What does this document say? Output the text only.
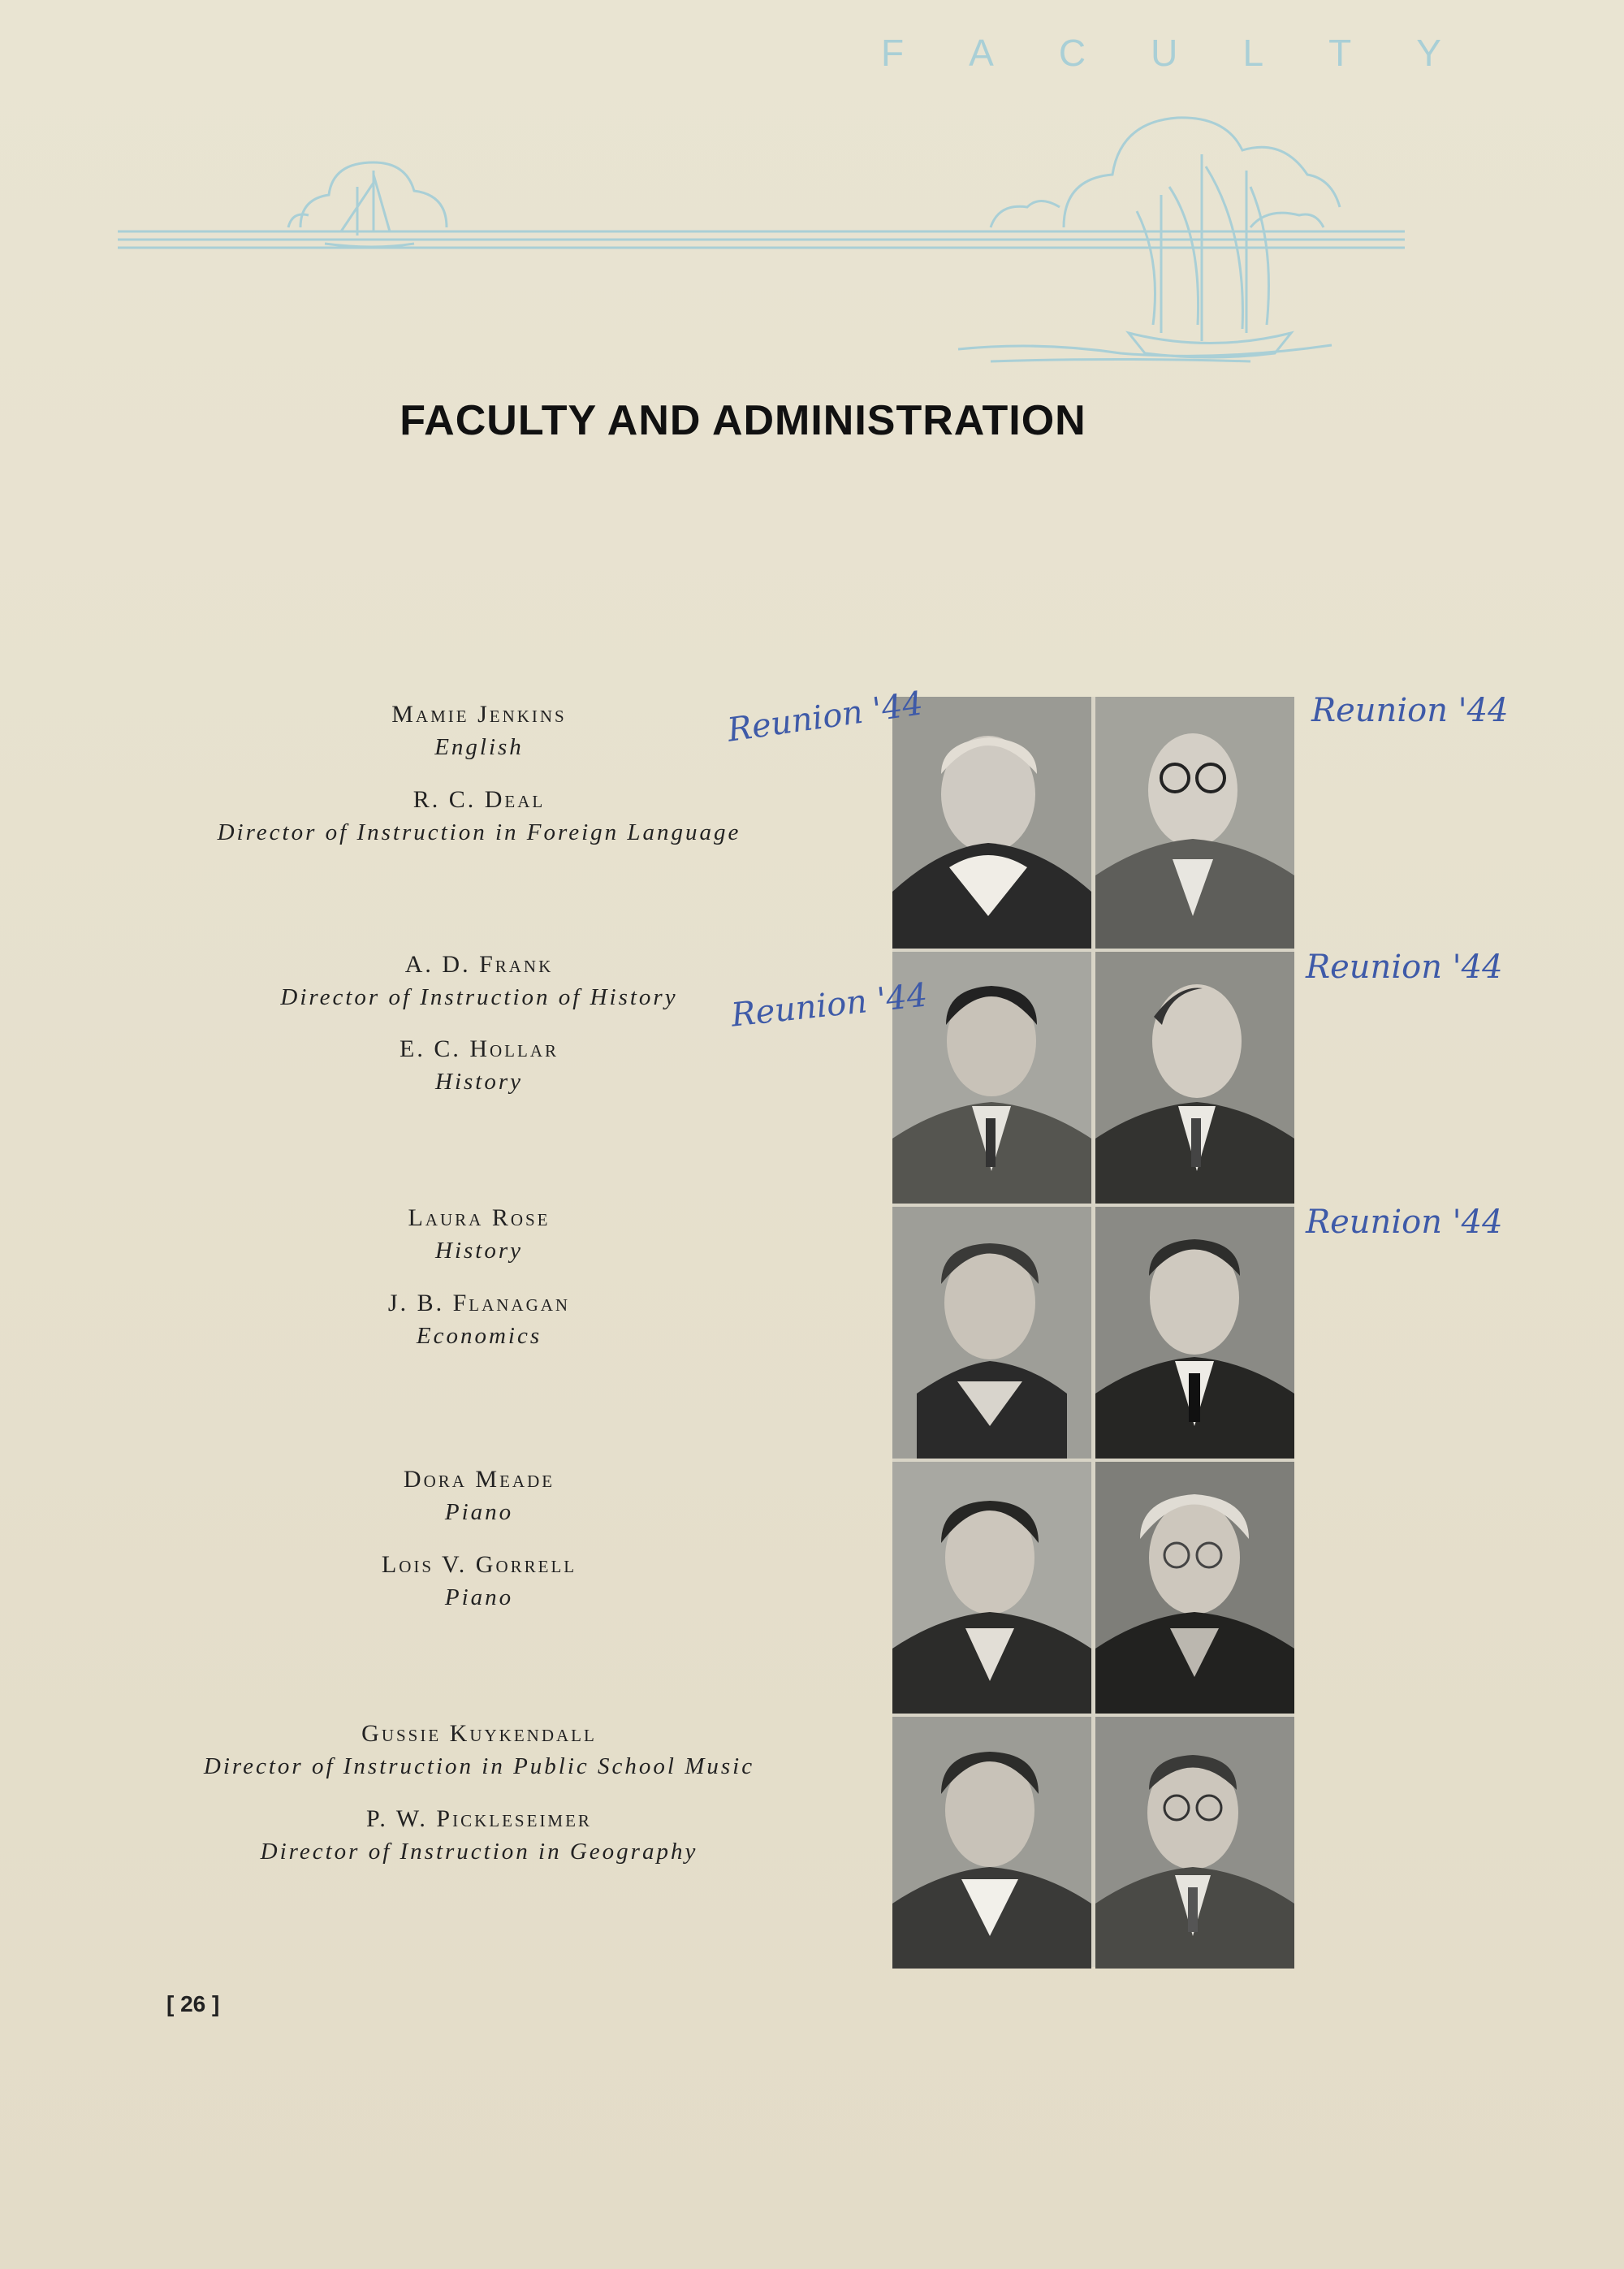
F A C U L T Y
FACULTY AND ADMINISTRATION
Mamie Jenkins
English
R. C. Deal
Director of Instruction in Foreign Language
A. D. Frank
Director of Instruction of History
E. C. Hollar
History
Laura Rose
History
J. B. Flanagan
Economics
Dora Meade
Piano
Lois V. Gorrell
Piano
Gussie Kuykendall
Director of Instruction in Public School Music
P. W. Pickleseimer
Director of Instruction in Geography
Reunion '44	Reunion '44
Reunion '44
Reunion '44
Reunion '44
[ 26 ]
